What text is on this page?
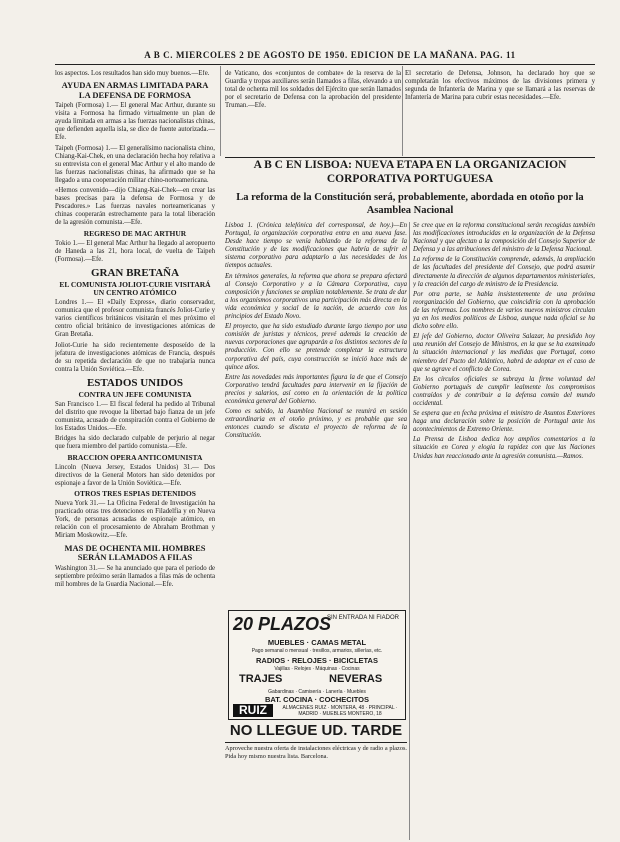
A B C. MIERCOLES 2 DE AGOSTO DE 1950. EDICION DE LA MAÑANA. PAG. 11

los aspectos. Los resultados han sido muy buenos.—Efe.

AYUDA EN ARMAS LIMITADA PARA LA DEFENSA DE FORMOSA

Taipeh (Formosa) 1.— El general Mac Arthur, durante su visita a Formosa ha firmado virtualmente un plan de ayuda limitada en armas a las fuerzas nacionalistas chinas, que defienden aquella isla, se dice de fuente autorizada.—Efe.

Taipeh (Formosa) 1.— El generalísimo nacionalista chino, Chiang-Kai-Chek, en una declaración hecha hoy relativa a su entrevista con el general Mac Arthur y el alto mando de las fuerzas nacionalistas chinas, ha afirmado que se ha llegado a una cooperación militar chino-norteamericana.

«Hemos convenido—dijo Chiang-Kai-Chek—en crear las bases precisas para la defensa de Formosa y de Pescadores.» Las fuerzas navales norteamericanas y chinas cooperarán estrechamente para la total liberación de la agresión comunista.—Efe.

REGRESO DE MAC ARTHUR

Tokio 1.— El general Mac Arthur ha llegado al aeropuerto de Haneda a las 21, hora local, de vuelta de Taipeh (Formosa).—Efe.

GRAN BRETAÑA
EL COMUNISTA JOLIOT-CURIE VISITARÁ UN CENTRO ATÓMICO

Londres 1.— El «Daily Express», diario conservador, comunica que el profesor comunista francés Joliot-Curie y varios científicos británicos visitarán el mes próximo el centro oficial británico de investigaciones atómicas de Gran Bretaña.

Joliot-Curie ha sido recientemente desposeído de la jefatura de investigaciones atómicas de Francia, después de su repetida declaración de que no trabajaría nunca contra la Unión Soviética.—Efe.

ESTADOS UNIDOS
CONTRA UN JEFE COMUNISTA

San Francisco 1.— El fiscal federal ha pedido al Tribunal del distrito que revoque la libertad bajo fianza de un jefe comunista, acusado de conspiración contra el Gobierno de los Estados Unidos.—Efe.

Bridges ha sido declarado culpable de perjurio al negar que fuera miembro del partido comunista.—Efe.

BRACCION OPERA ANTICOMUNISTA

Lincoln (Nueva Jersey, Estados Unidos) 31.— Dos directivos de la General Motors han sido detenidos por espionaje a favor de la Unión Soviética.—Efe.

OTROS TRES ESPIAS DETENIDOS

Nueva York 31.— La Oficina Federal de Investigación ha practicado otras tres detenciones en Filadelfia y en Nueva York, de personas acusadas de espionaje atómico, en relación con el procesamiento de Abraham Brothman y Miriam Moskowitz.—Efe.

MAS DE OCHENTA MIL HOMBRES SERÁN LLAMADOS A FILAS

Washington 31.— Se ha anunciado que para el período de septiembre próximo serán llamados a filas más de ochenta mil hombres de la Guardia Nacional.—Efe.

de Vaticano, dos «conjuntos de combate» de la reserva de la Guardia y tropas auxiliares serán llamados a filas, elevando a un total de ochenta mil los soldados del Ejército que serán llamados por el secretario de Defensa con la aprobación del presidente Truman.—Efe.

El secretario de Defensa, Johnson, ha declarado hoy que se completarán los efectivos máximos de las divisiones primera y segunda de Infantería de Marina y que se llamará a las reservas de Infantería de Marina para cubrir estas necesidades.—Efe.

A B C EN LISBOA: NUEVA ETAPA EN LA ORGANIZACION CORPORATIVA PORTUGUESA
La reforma de la Constitución será, probablemente, abordada en otoño por la Asamblea Nacional

Lisboa 1. (Crónica telefónica del corresponsal, de hoy.)—En Portugal, la organización corporativa entra en una nueva fase. Desde hace tiempo se venía hablando de la reforma de la Constitución y de las modificaciones que habría de sufrir el sistema corporativo para adaptarlo a las necesidades de los tiempos actuales.

En términos generales, la reforma que ahora se prepara afectará al Consejo Corporativo y a la Cámara Corporativa, cuya composición y funciones se amplían notablemente. Se trata de dar a los organismos corporativos una participación más directa en la vida económica y social de la nación, de acuerdo con los principios del Estado Novo.

El proyecto, que ha sido estudiado durante largo tiempo por una comisión de juristas y técnicos, prevé además la creación de nuevas corporaciones que agruparán a los distintos sectores de la producción. Con ello se pretende completar la estructura corporativa del país, cuya construcción se inició hace más de quince años.

Entre las novedades más importantes figura la de que el Consejo Corporativo tendrá facultades para intervenir en la fijación de precios y salarios, así como en la orientación de la política económica general del Gobierno.

Como es sabido, la Asamblea Nacional se reunirá en sesión extraordinaria en el otoño próximo, y es probable que sea entonces cuando se discuta el proyecto de reforma de la Constitución.

Se cree que en la reforma constitucional serán recogidas también las modificaciones introducidas en la organización de la Defensa Nacional y que afectan a la composición del Consejo Superior de Defensa y a las atribuciones del ministro de la Defensa Nacional.

La reforma de la Constitución comprende, además, la ampliación de las facultades del presidente del Consejo, que podrá asumir directamente la dirección de algunos departamentos ministeriales, y la creación del cargo de ministro de la Presidencia.

Por otra parte, se habla insistentemente de una próxima reorganización del Gobierno, que coincidiría con la aprobación de las reformas. Los nombres de varios nuevos ministros circulan ya en los medios políticos de Lisboa, aunque nada oficial se ha dicho sobre ello.

El jefe del Gobierno, doctor Oliveira Salazar, ha presidido hoy una reunión del Consejo de Ministros, en la que se ha examinado la situación internacional y las medidas que Portugal, como miembro del Pacto del Atlántico, habrá de adoptar en el caso de que se agrave el conflicto de Corea.

En los círculos oficiales se subraya la firme voluntad del Gobierno portugués de cumplir lealmente los compromisos contraídos y de contribuir a la defensa común del mundo occidental.

Se espera que en fecha próxima el ministro de Asuntos Exteriores haga una declaración sobre la posición de Portugal ante los acontecimientos de Extremo Oriente.

La Prensa de Lisboa dedica hoy amplios comentarios a la situación en Corea y elogia la rapidez con que las Naciones Unidas han reaccionado ante la agresión comunista.—Ramos.

20 PLAZOS
SIN ENTRADA NI FIADOR
MUEBLES · CAMAS METAL
Pago semanal o mensual · tresillos, armarios, sillerías, etc.
RADIOS · RELOJES · BICICLETAS
Vajillas · Relojes · Máquinas · Cocinas
TRAJES	NEVERAS
Gabardinas · Camisería · Lanería · Muebles
BAT. COCINA · COCHECITOS
RUIZ	ALMACENES RUIZ · MONTERA, 48 · PRINCIPAL · MADRID · MUEBLES MONTERO, 18
NO LLEGUE UD. TARDE
Aproveche nuestra oferta de instalaciones eléctricas y de radio a plazos. Pida hoy mismo nuestra lista. Barcelona.
